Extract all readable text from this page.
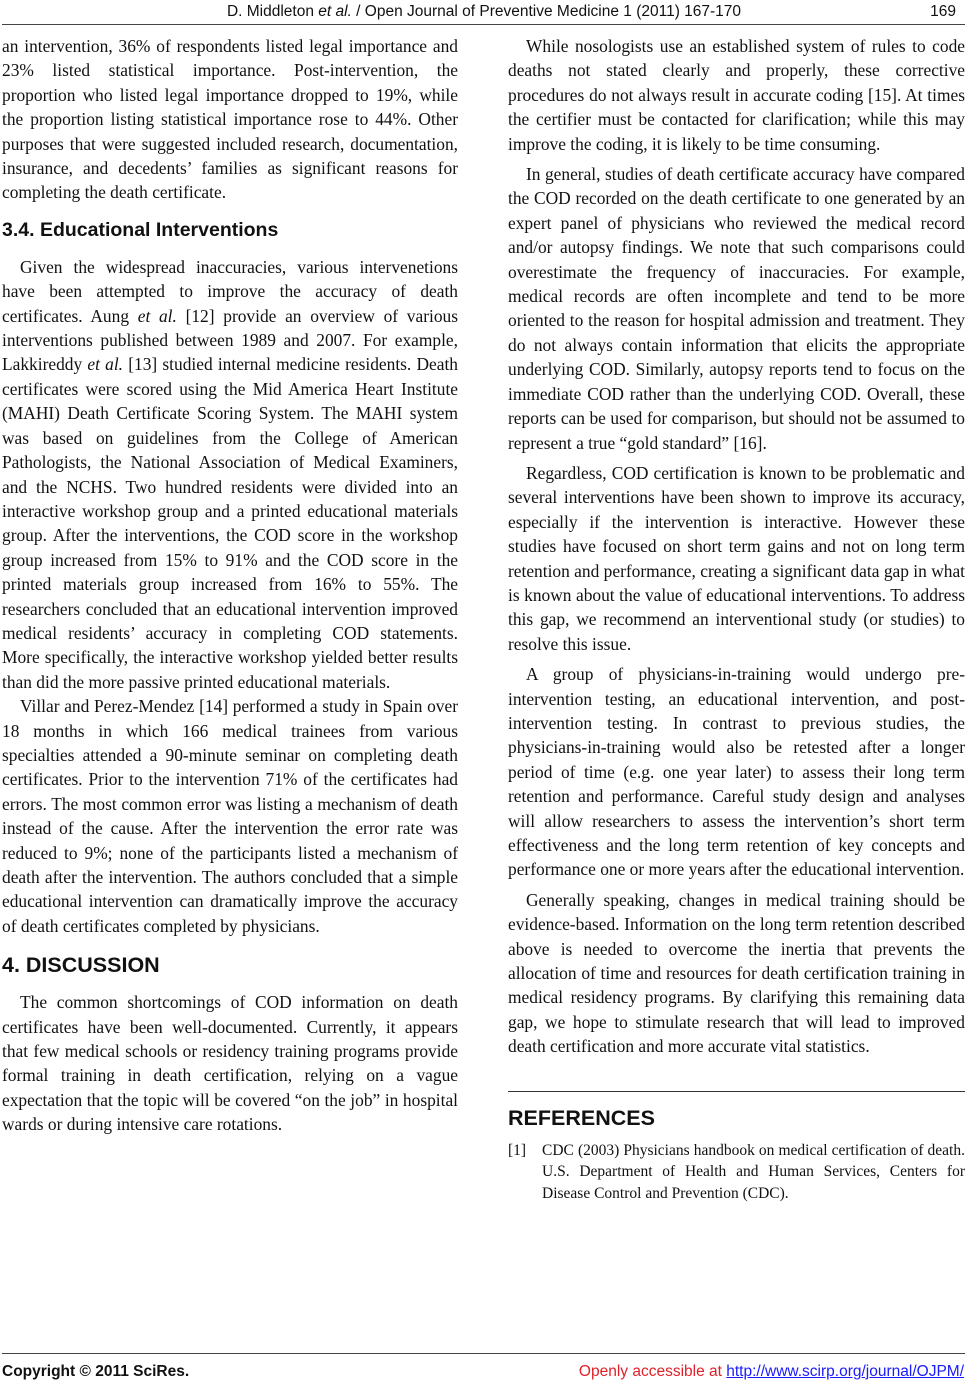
D. Middleton et al. / Open Journal of Preventive Medicine 1 (2011) 167-170	169

an intervention, 36% of respondents listed legal importance and 23% listed statistical importance. Post-intervention, the proportion who listed legal importance dropped to 19%, while the proportion listing statistical importance rose to 44%. Other purposes that were suggested included research, documentation, insurance, and decedents’ families as significant reasons for completing the death certificate.

3.4. Educational Interventions

Given the widespread inaccuracies, various intervenetions have been attempted to improve the accuracy of death certificates. Aung et al. [12] provide an overview of various interventions published between 1989 and 2007. For example, Lakkireddy et al. [13] studied internal medicine residents. Death certificates were scored using the Mid America Heart Institute (MAHI) Death Certificate Scoring System. The MAHI system was based on guidelines from the College of American Pathologists, the National Association of Medical Examiners, and the NCHS. Two hundred residents were divided into an interactive workshop group and a printed educational materials group. After the interventions, the COD score in the workshop group increased from 15% to 91% and the COD score in the printed materials group increased from 16% to 55%. The researchers concluded that an educational intervention improved medical residents’ accuracy in completing COD statements. More specifically, the interactive workshop yielded better results than did the more passive printed educational materials.

Villar and Perez-Mendez [14] performed a study in Spain over 18 months in which 166 medical trainees from various specialties attended a 90-minute seminar on completing death certificates. Prior to the intervention 71% of the certificates had errors. The most common error was listing a mechanism of death instead of the cause. After the intervention the error rate was reduced to 9%; none of the participants listed a mechanism of death after the intervention. The authors concluded that a simple educational intervention can dramatically improve the accuracy of death certificates completed by physicians.

4. DISCUSSION

The common shortcomings of COD information on death certificates have been well-documented. Currently, it appears that few medical schools or residency training programs provide formal training in death certification, relying on a vague expectation that the topic will be covered “on the job” in hospital wards or during intensive care rotations.

While nosologists use an established system of rules to code deaths not stated clearly and properly, these corrective procedures do not always result in accurate coding [15]. At times the certifier must be contacted for clarification; while this may improve the coding, it is likely to be time consuming.

In general, studies of death certificate accuracy have compared the COD recorded on the death certificate to one generated by an expert panel of physicians who reviewed the medical record and/or autopsy findings. We note that such comparisons could overestimate the frequency of inaccuracies. For example, medical records are often incomplete and tend to be more oriented to the reason for hospital admission and treatment. They do not always contain information that elicits the appropriate underlying COD. Similarly, autopsy reports tend to focus on the immediate COD rather than the underlying COD. Overall, these reports can be used for comparison, but should not be assumed to represent a true “gold standard” [16].

Regardless, COD certification is known to be problematic and several interventions have been shown to improve its accuracy, especially if the intervention is interactive. However these studies have focused on short term gains and not on long term retention and performance, creating a significant data gap in what is known about the value of educational interventions. To address this gap, we recommend an interventional study (or studies) to resolve this issue.

A group of physicians-in-training would undergo pre-intervention testing, an educational intervention, and post-intervention testing. In contrast to previous studies, the physicians-in-training would also be retested after a longer period of time (e.g. one year later) to assess their long term retention and performance. Careful study design and analyses will allow researchers to assess the intervention’s short term effectiveness and the long term retention of key concepts and performance one or more years after the educational intervention.

Generally speaking, changes in medical training should be evidence-based. Information on the long term retention described above is needed to overcome the inertia that prevents the allocation of time and resources for death certification training in medical residency programs. By clarifying this remaining data gap, we hope to stimulate research that will lead to improved death certification and more accurate vital statistics.

REFERENCES
[1]	CDC (2003) Physicians handbook on medical certification of death. U.S. Department of Health and Human Services, Centers for Disease Control and Prevention (CDC).
Copyright © 2011 SciRes.	Openly accessible at http://www.scirp.org/journal/OJPM/
